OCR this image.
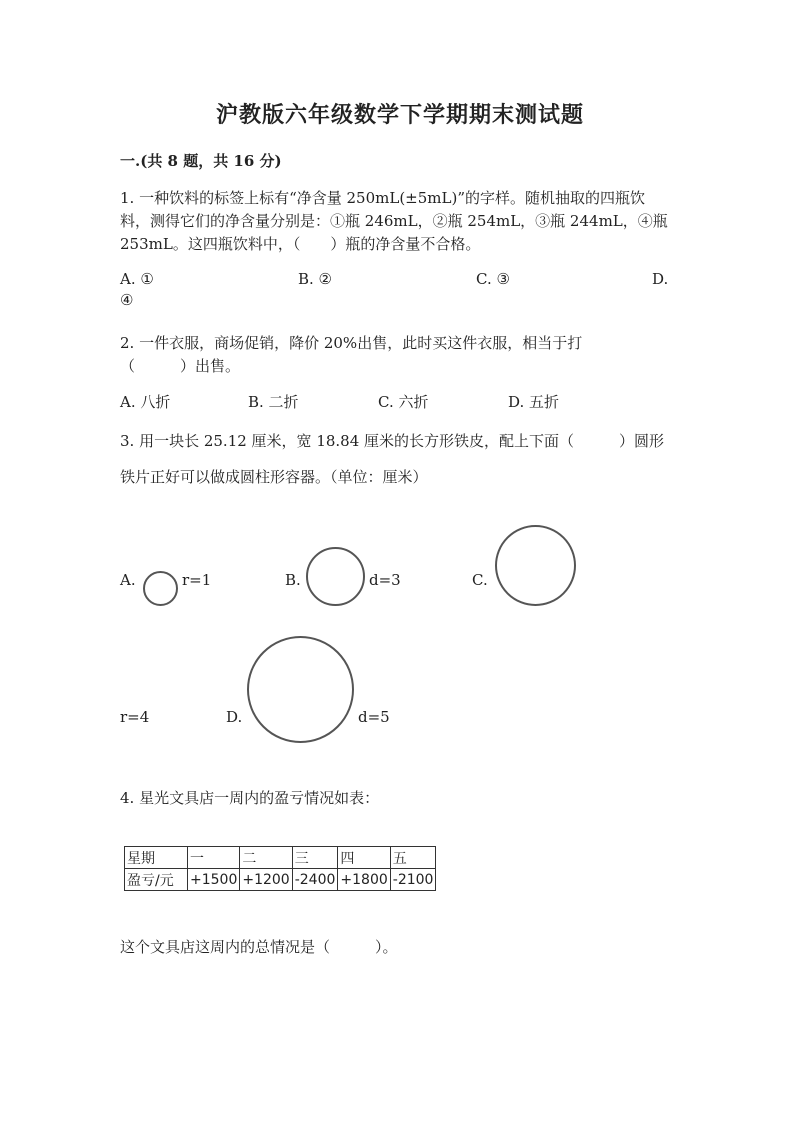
沪教版六年级数学下学期期末测试题
一.(共 8 题，共 16 分)
1. 一种饮料的标签上标有“净含量 250mL(±5mL)”的字样。随机抽取的四瓶饮
料，测得它们的净含量分别是：①瓶 246mL，②瓶 254mL，③瓶 244mL，④瓶
253mL。这四瓶饮料中，（　　）瓶的净含量不合格。
A. ①	B. ②	C. ③	D.
④
2. 一件衣服，商场促销，降价 20%出售，此时买这件衣服，相当于打
（　　　）出售。
A. 八折	B. 二折	C. 六折	D. 五折
3. 用一块长 25.12 厘米，宽 18.84 厘米的长方形铁皮，配上下面（　　　）圆形
铁片正好可以做成圆柱形容器。（单位：厘米）
A.	r=1	B.	d=3	C.
r=4	D.	d=5
4. 星光文具店一周内的盈亏情况如表：
星期	一	二	三	四	五
盈亏/元	+1500	+1200	-2400	+1800	-2100
这个文具店这周内的总情况是（　　　）。
